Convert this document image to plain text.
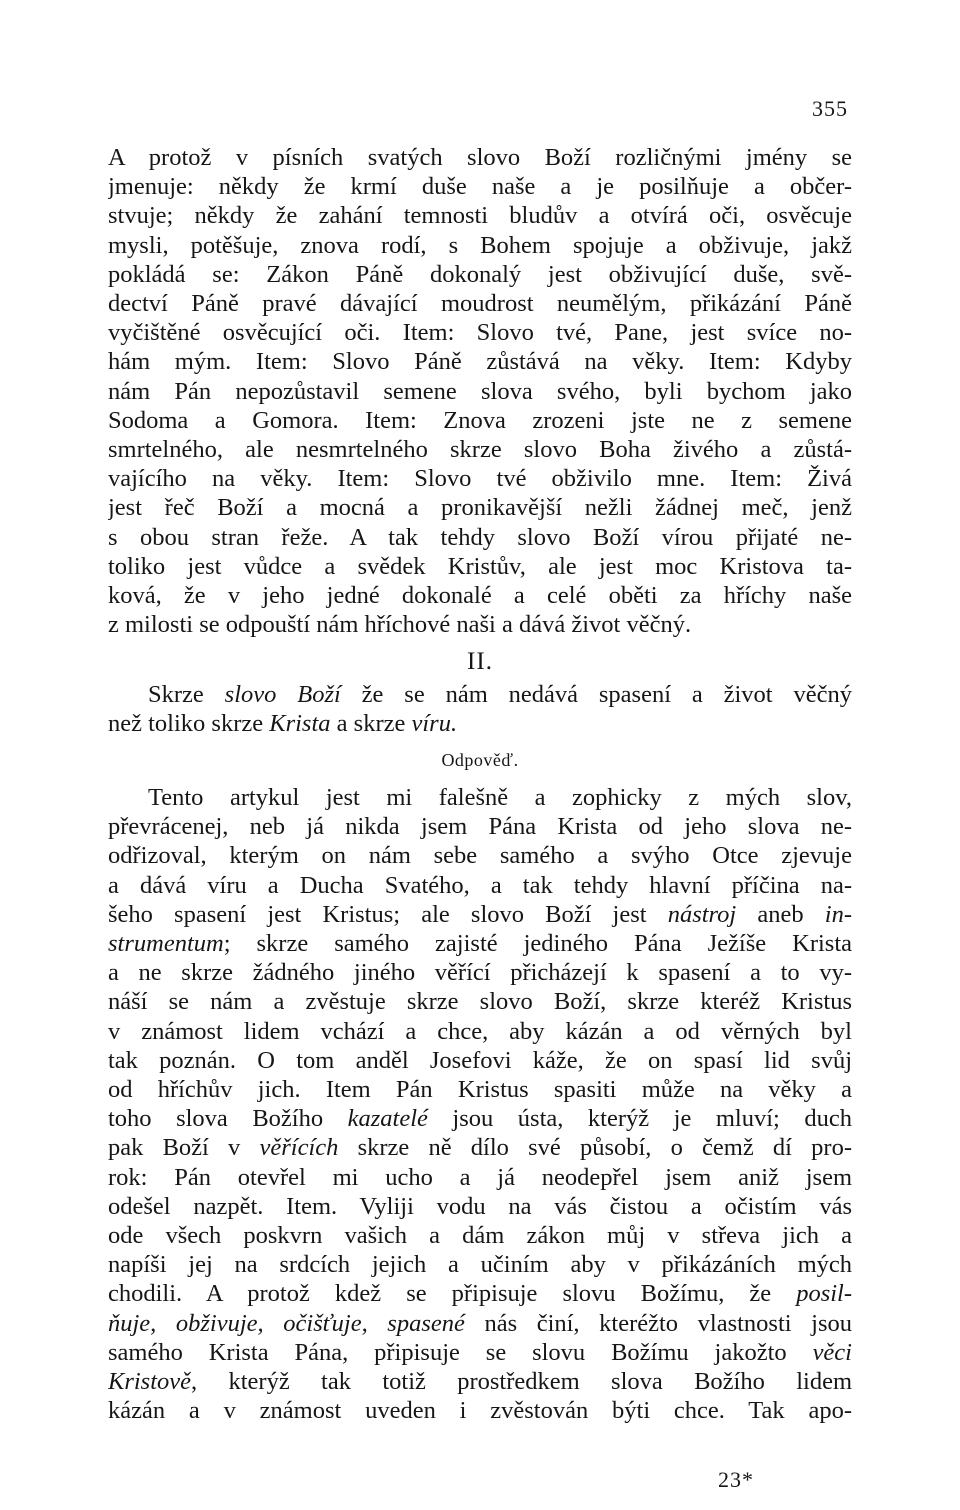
355
A protož v písních svatých slovo Boží rozličnými jmény se
jmenuje: někdy že krmí duše naše a je posilňuje a občer-
stvuje; někdy že zahání temnosti bludův a otvírá oči, osvěcuje
mysli, potěšuje, znova rodí, s Bohem spojuje a obživuje, jakž
pokládá se: Zákon Páně dokonalý jest obživující duše, svě-
dectví Páně pravé dávající moudrost neumělým, přikázání Páně
vyčištěné osvěcující oči. Item: Slovo tvé, Pane, jest svíce no-
hám mým. Item: Slovo Páně zůstává na věky. Item: Kdyby
nám Pán nepozůstavil semene slova svého, byli bychom jako
Sodoma a Gomora. Item: Znova zrozeni jste ne z semene
smrtelného, ale nesmrtelného skrze slovo Boha živého a zůstá-
vajícího na věky. Item: Slovo tvé obživilo mne. Item: Živá
jest řeč Boží a mocná a pronikavější nežli žádnej meč, jenž
s obou stran řeže. A tak tehdy slovo Boží vírou přijaté ne-
toliko jest vůdce a svědek Kristův, ale jest moc Kristova ta-
ková, že v jeho jedné dokonalé a celé oběti za hříchy naše
z milosti se odpouští nám hříchové naši a dává život věčný.
II.
Skrze slovo Boží že se nám nedává spasení a život věčný
než toliko skrze Krista a skrze víru.
Odpověď.
Tento artykul jest mi falešně a zophicky z mých slov,
převrácenej, neb já nikda jsem Pána Krista od jeho slova ne-
odřizoval, kterým on nám sebe samého a svýho Otce zjevuje
a dává víru a Ducha Svatého, a tak tehdy hlavní příčina na-
šeho spasení jest Kristus; ale slovo Boží jest nástroj aneb in-
strumentum; skrze samého zajisté jediného Pána Ježíše Krista
a ne skrze žádného jiného věřící přicházejí k spasení a to vy-
náší se nám a zvěstuje skrze slovo Boží, skrze kteréž Kristus
v známost lidem vchází a chce, aby kázán a od věrných byl
tak poznán. O tom anděl Josefovi káže, že on spasí lid svůj
od hříchův jich. Item Pán Kristus spasiti může na věky a
toho slova Božího kazatelé jsou ústa, kterýž je mluví; duch
pak Boží v věřících skrze ně dílo své působí, o čemž dí pro-
rok: Pán otevřel mi ucho a já neodepřel jsem aniž jsem
odešel nazpět. Item. Vyliji vodu na vás čistou a očistím vás
ode všech poskvrn vašich a dám zákon můj v střeva jich a
napíši jej na srdcích jejich a učiním aby v přikázáních mých
chodili. A protož kdež se připisuje slovu Božímu, že posil-
ňuje, obživuje, očišťuje, spasené nás činí, kteréžto vlastnosti jsou
samého Krista Pána, připisuje se slovu Božímu jakožto věci
Kristově, kterýž tak totiž prostředkem slova Božího lidem
kázán a v známost uveden i zvěstován býti chce. Tak apo-
23*
